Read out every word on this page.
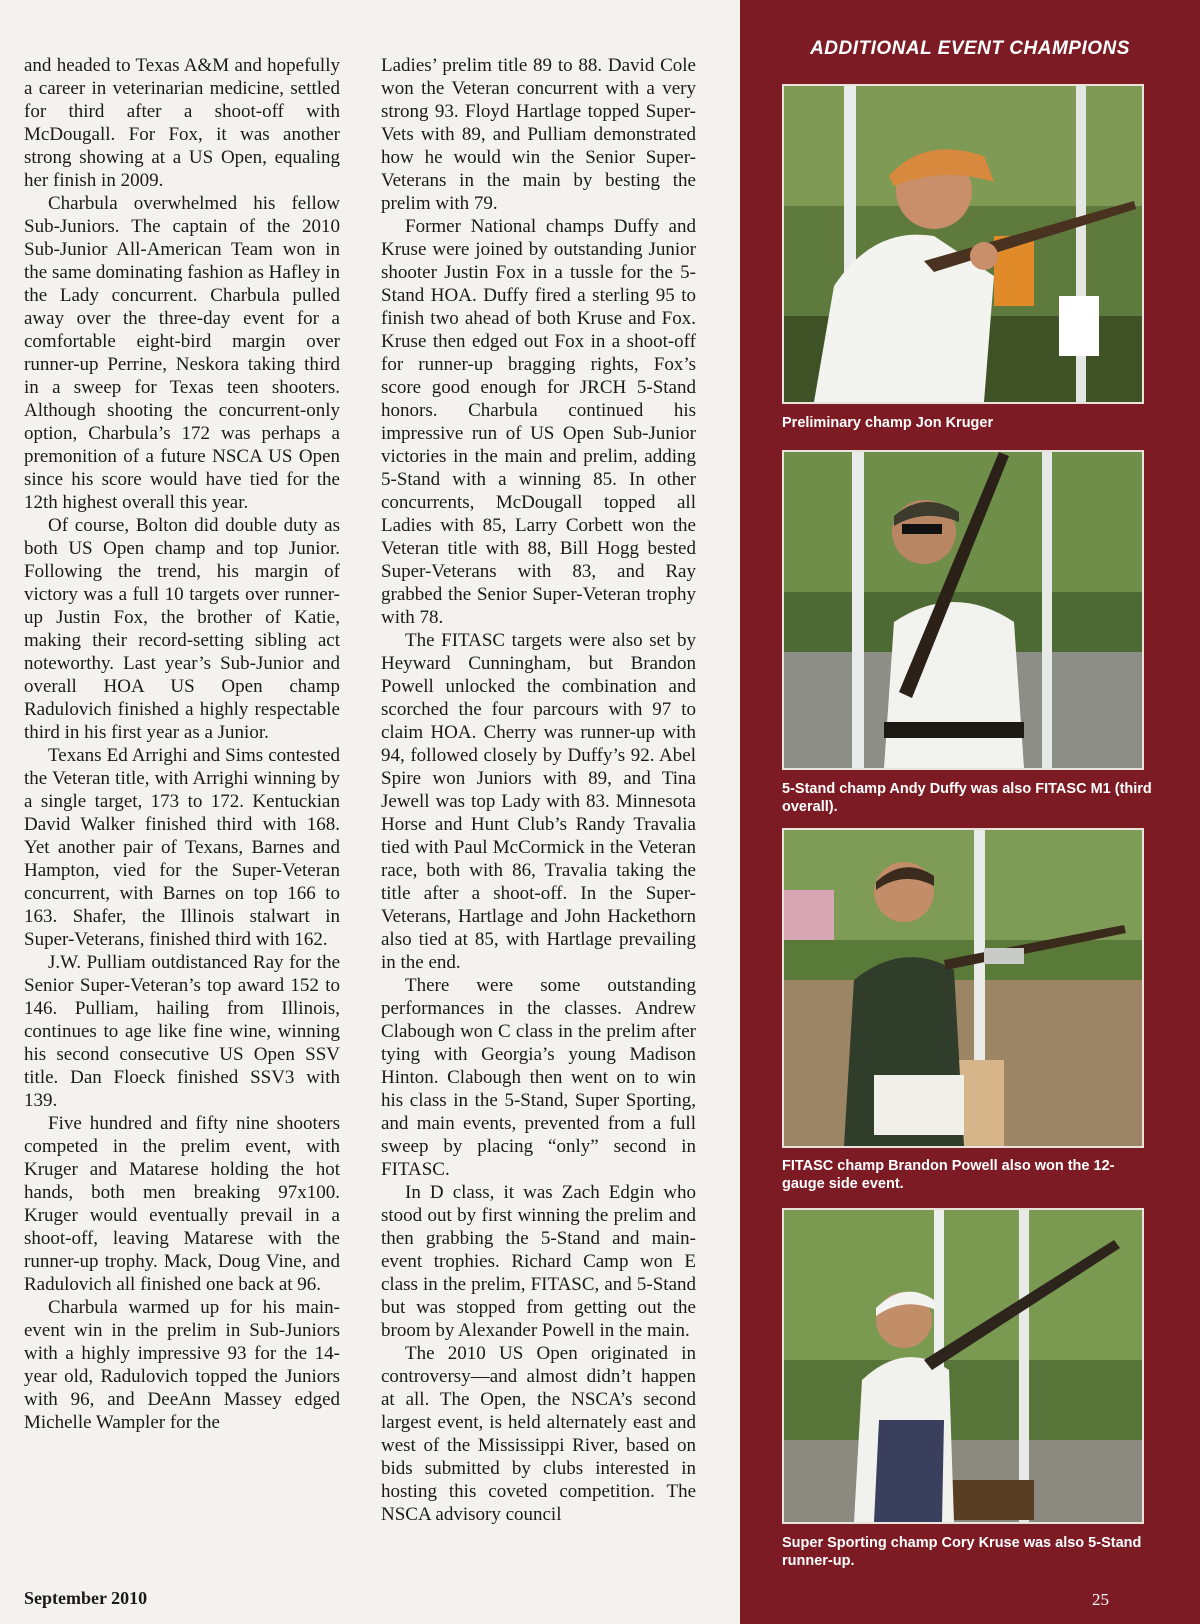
and headed to Texas A&M and hopefully a career in veterinarian medicine, settled for third after a shoot-off with McDougall. For Fox, it was another strong showing at a US Open, equaling her finish in 2009.

Charbula overwhelmed his fellow Sub-Juniors. The captain of the 2010 Sub-Junior All-American Team won in the same dominating fashion as Hafley in the Lady concurrent. Charbula pulled away over the three-day event for a comfortable eight-bird margin over runner-up Perrine, Neskora taking third in a sweep for Texas teen shooters. Although shooting the concurrent-only option, Charbula’s 172 was perhaps a premonition of a future NSCA US Open since his score would have tied for the 12th highest overall this year.

Of course, Bolton did double duty as both US Open champ and top Junior. Following the trend, his margin of victory was a full 10 targets over runner-up Justin Fox, the brother of Katie, making their record-setting sibling act noteworthy. Last year’s Sub-Junior and overall HOA US Open champ Radulovich finished a highly respectable third in his first year as a Junior.

Texans Ed Arrighi and Sims contested the Veteran title, with Arrighi winning by a single target, 173 to 172. Kentuckian David Walker finished third with 168. Yet another pair of Texans, Barnes and Hampton, vied for the Super-Veteran concurrent, with Barnes on top 166 to 163. Shafer, the Illinois stalwart in Super-Veterans, finished third with 162.

J.W. Pulliam outdistanced Ray for the Senior Super-Veteran’s top award 152 to 146. Pulliam, hailing from Illinois, continues to age like fine wine, winning his second consecutive US Open SSV title. Dan Floeck finished SSV3 with 139.

Five hundred and fifty nine shooters competed in the prelim event, with Kruger and Matarese holding the hot hands, both men breaking 97x100. Kruger would eventually prevail in a shoot-off, leaving Matarese with the runner-up trophy. Mack, Doug Vine, and Radulovich all finished one back at 96.

Charbula warmed up for his main-event win in the prelim in Sub-Juniors with a highly impressive 93 for the 14-year old, Radulovich topped the Juniors with 96, and DeeAnn Massey edged Michelle Wampler for the

Ladies’ prelim title 89 to 88. David Cole won the Veteran concurrent with a very strong 93. Floyd Hartlage topped Super-Vets with 89, and Pulliam demonstrated how he would win the Senior Super-Veterans in the main by besting the prelim with 79.

Former National champs Duffy and Kruse were joined by outstanding Junior shooter Justin Fox in a tussle for the 5-Stand HOA. Duffy fired a sterling 95 to finish two ahead of both Kruse and Fox. Kruse then edged out Fox in a shoot-off for runner-up bragging rights, Fox’s score good enough for JRCH 5-Stand honors. Charbula continued his impressive run of US Open Sub-Junior victories in the main and prelim, adding 5-Stand with a winning 85. In other concurrents, McDougall topped all Ladies with 85, Larry Corbett won the Veteran title with 88, Bill Hogg bested Super-Veterans with 83, and Ray grabbed the Senior Super-Veteran trophy with 78.

The FITASC targets were also set by Heyward Cunningham, but Brandon Powell unlocked the combination and scorched the four parcours with 97 to claim HOA. Cherry was runner-up with 94, followed closely by Duffy’s 92. Abel Spire won Juniors with 89, and Tina Jewell was top Lady with 83. Minnesota Horse and Hunt Club’s Randy Travalia tied with Paul McCormick in the Veteran race, both with 86, Travalia taking the title after a shoot-off. In the Super-Veterans, Hartlage and John Hackethorn also tied at 85, with Hartlage prevailing in the end.

There were some outstanding performances in the classes. Andrew Clabough won C class in the prelim after tying with Georgia’s young Madison Hinton. Clabough then went on to win his class in the 5-Stand, Super Sporting, and main events, prevented from a full sweep by placing “only” second in FITASC.

In D class, it was Zach Edgin who stood out by first winning the prelim and then grabbing the 5-Stand and main-event trophies. Richard Camp won E class in the prelim, FITASC, and 5-Stand but was stopped from getting out the broom by Alexander Powell in the main.

The 2010 US Open originated in controversy—and almost didn’t happen at all. The Open, the NSCA’s second largest event, is held alternately east and west of the Mississippi River, based on bids submitted by clubs interested in hosting this coveted competition. The NSCA advisory council

September 2010
ADDITIONAL EVENT CHAMPIONS
Preliminary champ Jon Kruger
5-Stand champ Andy Duffy was also FITASC M1 (third overall).
FITASC champ Brandon Powell also won the 12-gauge side event.
Super Sporting champ Cory Kruse was also 5-Stand runner-up.
25
